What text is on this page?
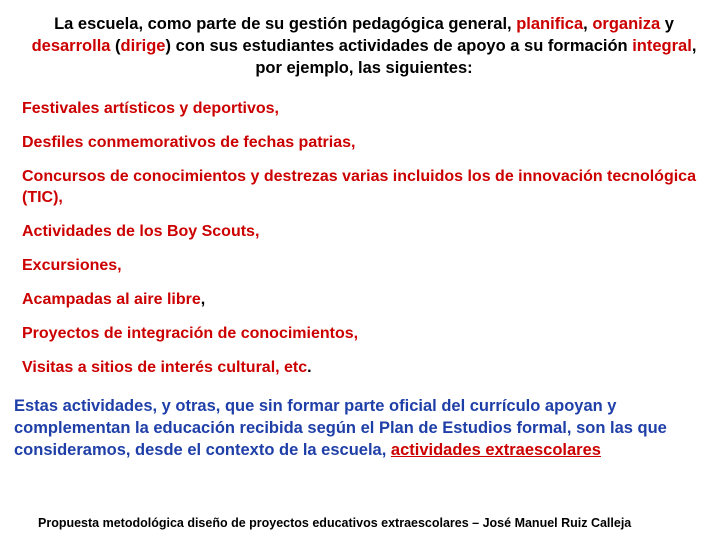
La escuela, como parte de su gestión pedagógica general, planifica, organiza y desarrolla (dirige) con sus estudiantes actividades de apoyo a su formación integral, por ejemplo, las siguientes:
Festivales artísticos y deportivos,
Desfiles conmemorativos de fechas patrias,
Concursos de conocimientos y destrezas varias incluidos los de innovación tecnológica (TIC),
Actividades de los Boy Scouts,
Excursiones,
Acampadas al aire libre,
Proyectos de integración de conocimientos,
Visitas a sitios de interés cultural, etc.
Estas actividades, y otras, que sin formar parte oficial del currículo apoyan y complementan la educación recibida según el Plan de Estudios formal, son las que consideramos, desde el contexto de la escuela, actividades extraescolares
Propuesta metodológica diseño de proyectos educativos extraescolares – José Manuel Ruiz Calleja
